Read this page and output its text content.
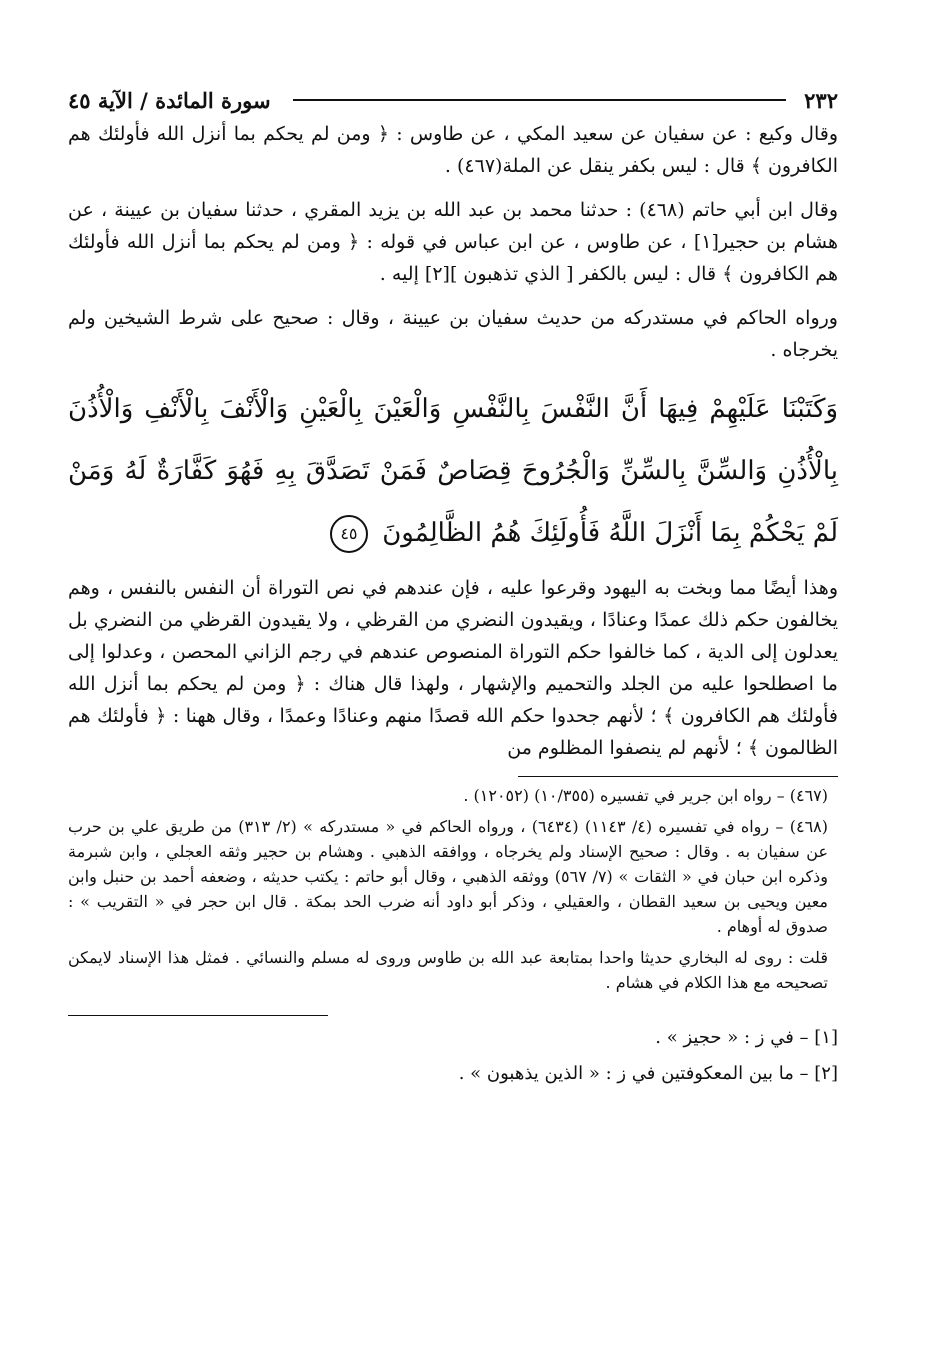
٢٣٢
سورة المائدة / الآية ٤٥

وقال وكيع : عن سفيان عن سعيد المكي ، عن طاوس : ﴿ ومن لم يحكم بما أنزل الله فأولئك هم الكافرون ﴾ قال : ليس بكفر ينقل عن الملة(٤٦٧) .

وقال ابن أبي حاتم (٤٦٨) : حدثنا محمد بن عبد الله بن يزيد المقري ، حدثنا سفيان بن عيينة ، عن هشام بن حجير[١] ، عن طاوس ، عن ابن عباس في قوله : ﴿ ومن لم يحكم بما أنزل الله فأولئك هم الكافرون ﴾ قال : ليس بالكفر [ الذي تذهبون ][٢] إليه .

ورواه الحاكم في مستدركه من حديث سفيان بن عيينة ، وقال : صحيح على شرط الشيخين ولم يخرجاه .

وَكَتَبْنَا عَلَيْهِمْ فِيهَا أَنَّ النَّفْسَ بِالنَّفْسِ وَالْعَيْنَ بِالْعَيْنِ وَالْأَنْفَ بِالْأَنْفِ وَالْأُذُنَ بِالْأُذُنِ وَالسِّنَّ بِالسِّنِّ وَالْجُرُوحَ قِصَاصٌ فَمَنْ تَصَدَّقَ بِهِ فَهُوَ كَفَّارَةٌ لَهُ وَمَنْ لَمْ يَحْكُمْ بِمَا أَنْزَلَ اللَّهُ فَأُولَئِكَ هُمُ الظَّالِمُونَ ٤٥

وهذا أيضًا مما وبخت به اليهود وقرعوا عليه ، فإن عندهم في نص التوراة أن النفس بالنفس ، وهم يخالفون حكم ذلك عمدًا وعنادًا ، ويقيدون النضري من القرظي ، ولا يقيدون القرظي من النضري بل يعدلون إلى الدية ، كما خالفوا حكم التوراة المنصوص عندهم في رجم الزاني المحصن ، وعدلوا إلى ما اصطلحوا عليه من الجلد والتحميم والإشهار ، ولهذا قال هناك : ﴿ ومن لم يحكم بما أنزل الله فأولئك هم الكافرون ﴾ ؛ لأنهم جحدوا حكم الله قصدًا منهم وعنادًا وعمدًا ، وقال ههنا : ﴿ فأولئك هم الظالمون ﴾ ؛ لأنهم لم ينصفوا المظلوم من

(٤٦٧) – رواه ابن جرير في تفسيره (١٠/٣٥٥) (١٢٠٥٢) .

(٤٦٨) – رواه في تفسيره (٤/ ١١٤٣) (٦٤٣٤) ، ورواه الحاكم في « مستدركه » (٢/ ٣١٣) من طريق علي بن حرب عن سفيان به . وقال : صحيح الإسناد ولم يخرجاه ، ووافقه الذهبي . وهشام بن حجير وثقه العجلي ، وابن شبرمة وذكره ابن حبان في « الثقات » (٧/ ٥٦٧) ووثقه الذهبي ، وقال أبو حاتم : يكتب حديثه ، وضعفه أحمد بن حنبل وابن معين ويحيى بن سعيد القطان ، والعقيلي ، وذكر أبو داود أنه ضرب الحد بمكة . قال ابن حجر في « التقريب » : صدوق له أوهام .

قلت : روى له البخاري حديثا واحدا بمتابعة عبد الله بن طاوس وروى له مسلم والنسائي . فمثل هذا الإسناد لايمكن تصحيحه مع هذا الكلام في هشام .

[١] – في ز : « حجيز » .

[٢] – ما بين المعكوفتين في ز : « الذين يذهبون » .
